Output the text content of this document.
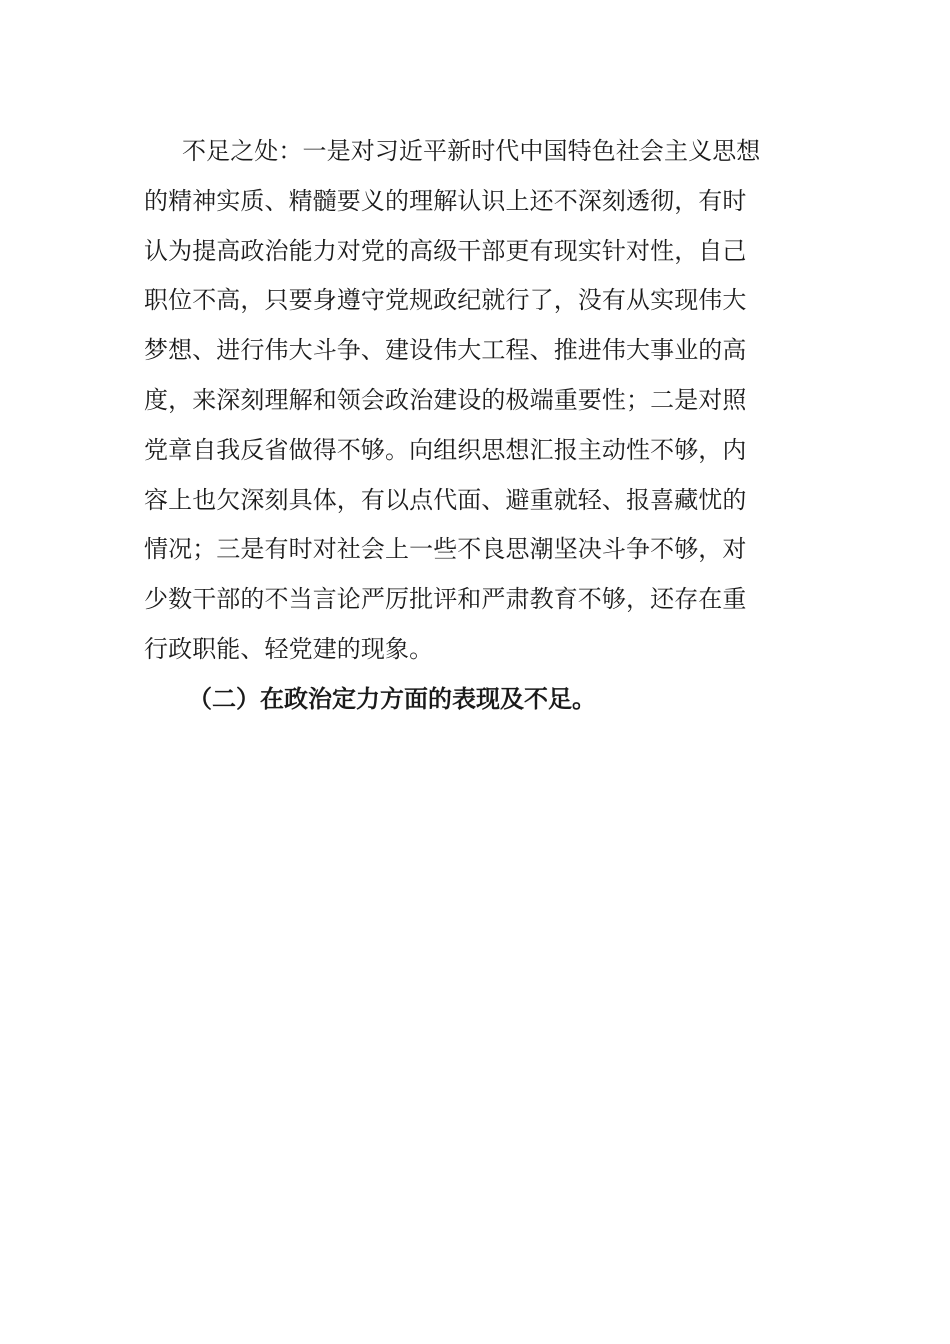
不足之处：一是对习近平新时代中国特色社会主义思想
的精神实质、精髓要义的理解认识上还不深刻透彻，有时
认为提高政治能力对党的高级干部更有现实针对性，自己
职位不高，只要身遵守党规政纪就行了，没有从实现伟大
梦想、进行伟大斗争、建设伟大工程、推进伟大事业的高
度，来深刻理解和领会政治建设的极端重要性；二是对照
党章自我反省做得不够。向组织思想汇报主动性不够，内
容上也欠深刻具体，有以点代面、避重就轻、报喜藏忧的
情况；三是有时对社会上一些不良思潮坚决斗争不够，对
少数干部的不当言论严厉批评和严肃教育不够，还存在重
行政职能、轻党建的现象。
（二）在政治定力方面的表现及不足。
